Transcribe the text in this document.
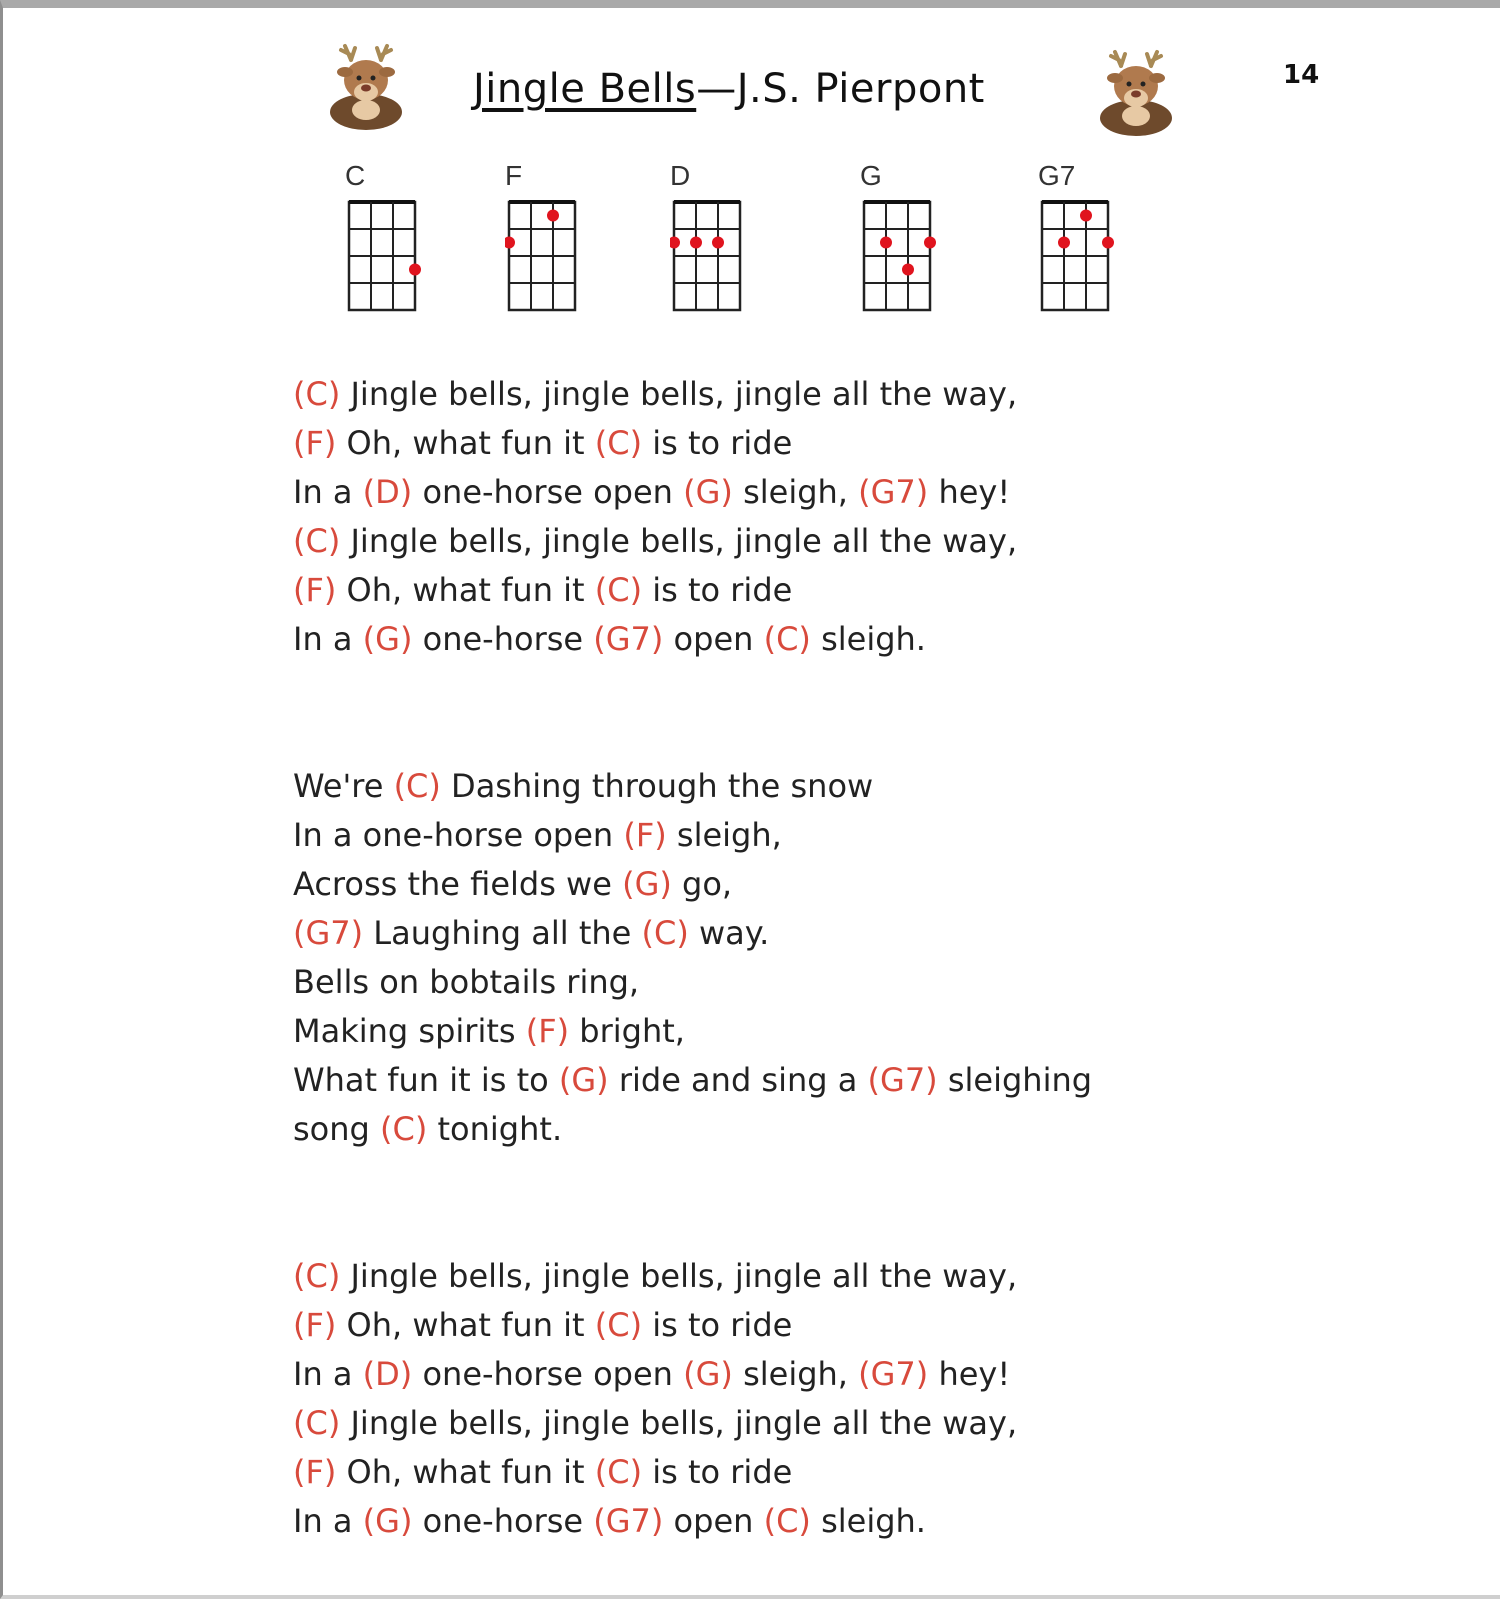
14
Jingle Bells—J.S. Pierpont
C	F	D	G	G7
(C) Jingle bells, jingle bells, jingle all the way,
(F) Oh, what fun it (C) is to ride
In a (D) one-horse open (G) sleigh, (G7) hey!
(C) Jingle bells, jingle bells, jingle all the way,
(F) Oh, what fun it (C) is to ride
In a (G) one-horse (G7) open (C) sleigh.
We're (C) Dashing through the snow
In a one-horse open (F) sleigh,
Across the fields we (G) go,
(G7) Laughing all the (C) way.
Bells on bobtails ring,
Making spirits (F) bright,
What fun it is to (G) ride and sing a (G7) sleighing
song (C) tonight.
(C) Jingle bells, jingle bells, jingle all the way,
(F) Oh, what fun it (C) is to ride
In a (D) one-horse open (G) sleigh, (G7) hey!
(C) Jingle bells, jingle bells, jingle all the way,
(F) Oh, what fun it (C) is to ride
In a (G) one-horse (G7) open (C) sleigh.
